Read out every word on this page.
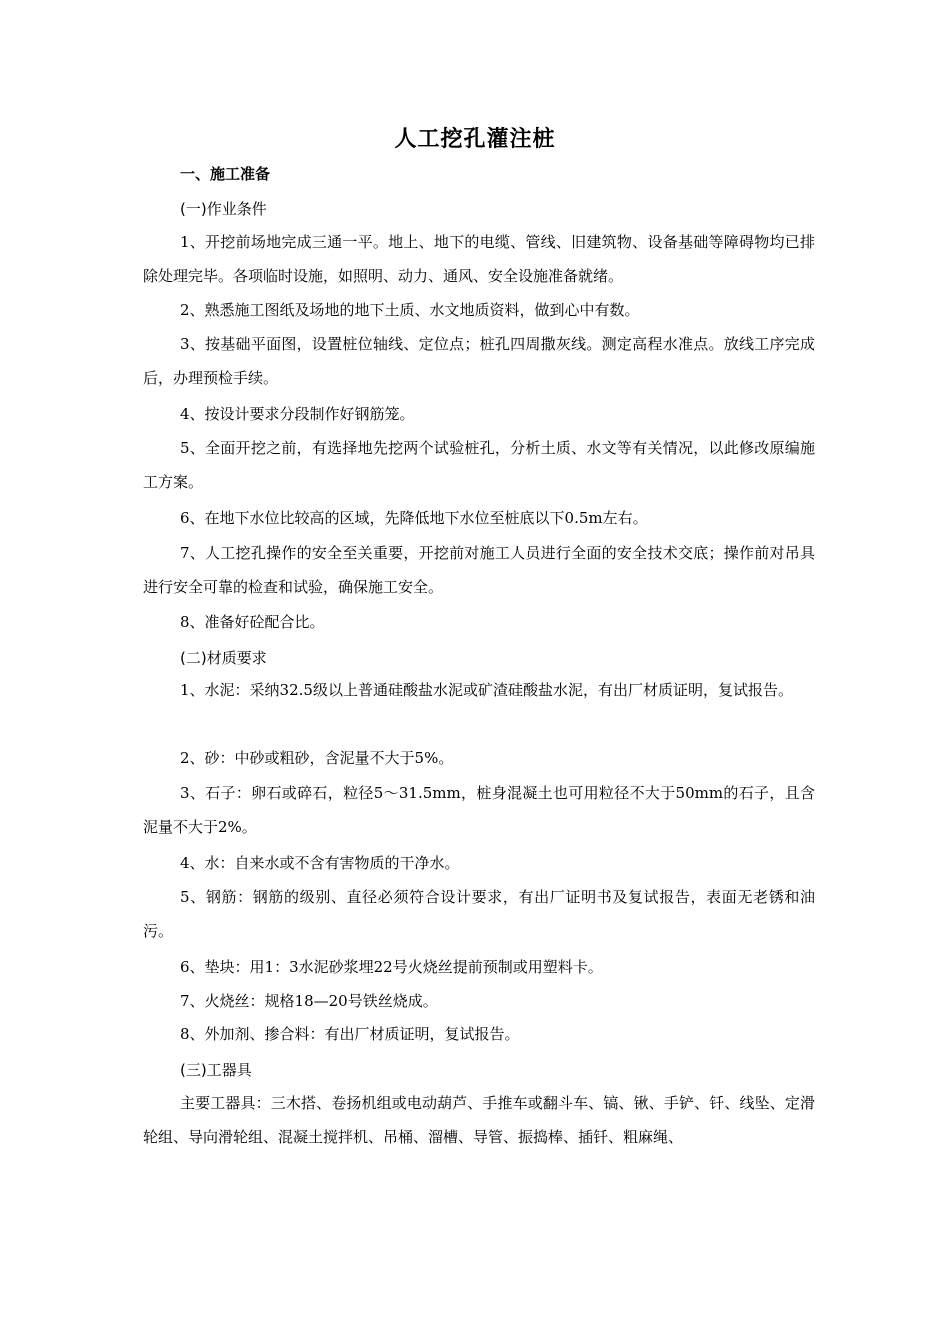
人工挖孔灌注桩
一、施工准备
(一)作业条件

1、开挖前场地完成三通一平。地上、地下的电缆、管线、旧建筑物、设备基础等障碍物均已排除处理完毕。各项临时设施，如照明、动力、通风、安全设施准备就绪。

2、熟悉施工图纸及场地的地下土质、水文地质资料，做到心中有数。

3、按基础平面图，设置桩位轴线、定位点；桩孔四周撒灰线。测定高程水准点。放线工序完成后，办理预检手续。

4、按设计要求分段制作好钢筋笼。

5、全面开挖之前，有选择地先挖两个试验桩孔，分析土质、水文等有关情况，以此修改原编施工方案。

6、在地下水位比较高的区域，先降低地下水位至桩底以下0.5m左右。

7、人工挖孔操作的安全至关重要，开挖前对施工人员进行全面的安全技术交底；操作前对吊具进行安全可靠的检查和试验，确保施工安全。

8、准备好砼配合比。

(二)材质要求

1、水泥：采纳32.5级以上普通硅酸盐水泥或矿渣硅酸盐水泥，有出厂材质证明，复试报告。

2、砂：中砂或粗砂，含泥量不大于5%。

3、石子：卵石或碎石，粒径5～31.5mm，桩身混凝土也可用粒径不大于50mm的石子，且含泥量不大于2%。

4、水：自来水或不含有害物质的干净水。

5、钢筋：钢筋的级别、直径必须符合设计要求，有出厂证明书及复试报告，表面无老锈和油污。

6、垫块：用1：3水泥砂浆埋22号火烧丝提前预制或用塑料卡。

7、火烧丝：规格18—20号铁丝烧成。

8、外加剂、掺合料：有出厂材质证明，复试报告。

(三)工器具

主要工器具：三木搭、卷扬机组或电动葫芦、手推车或翻斗车、镐、锹、手铲、钎、线坠、定滑轮组、导向滑轮组、混凝土搅拌机、吊桶、溜槽、导管、振捣棒、插钎、粗麻绳、
